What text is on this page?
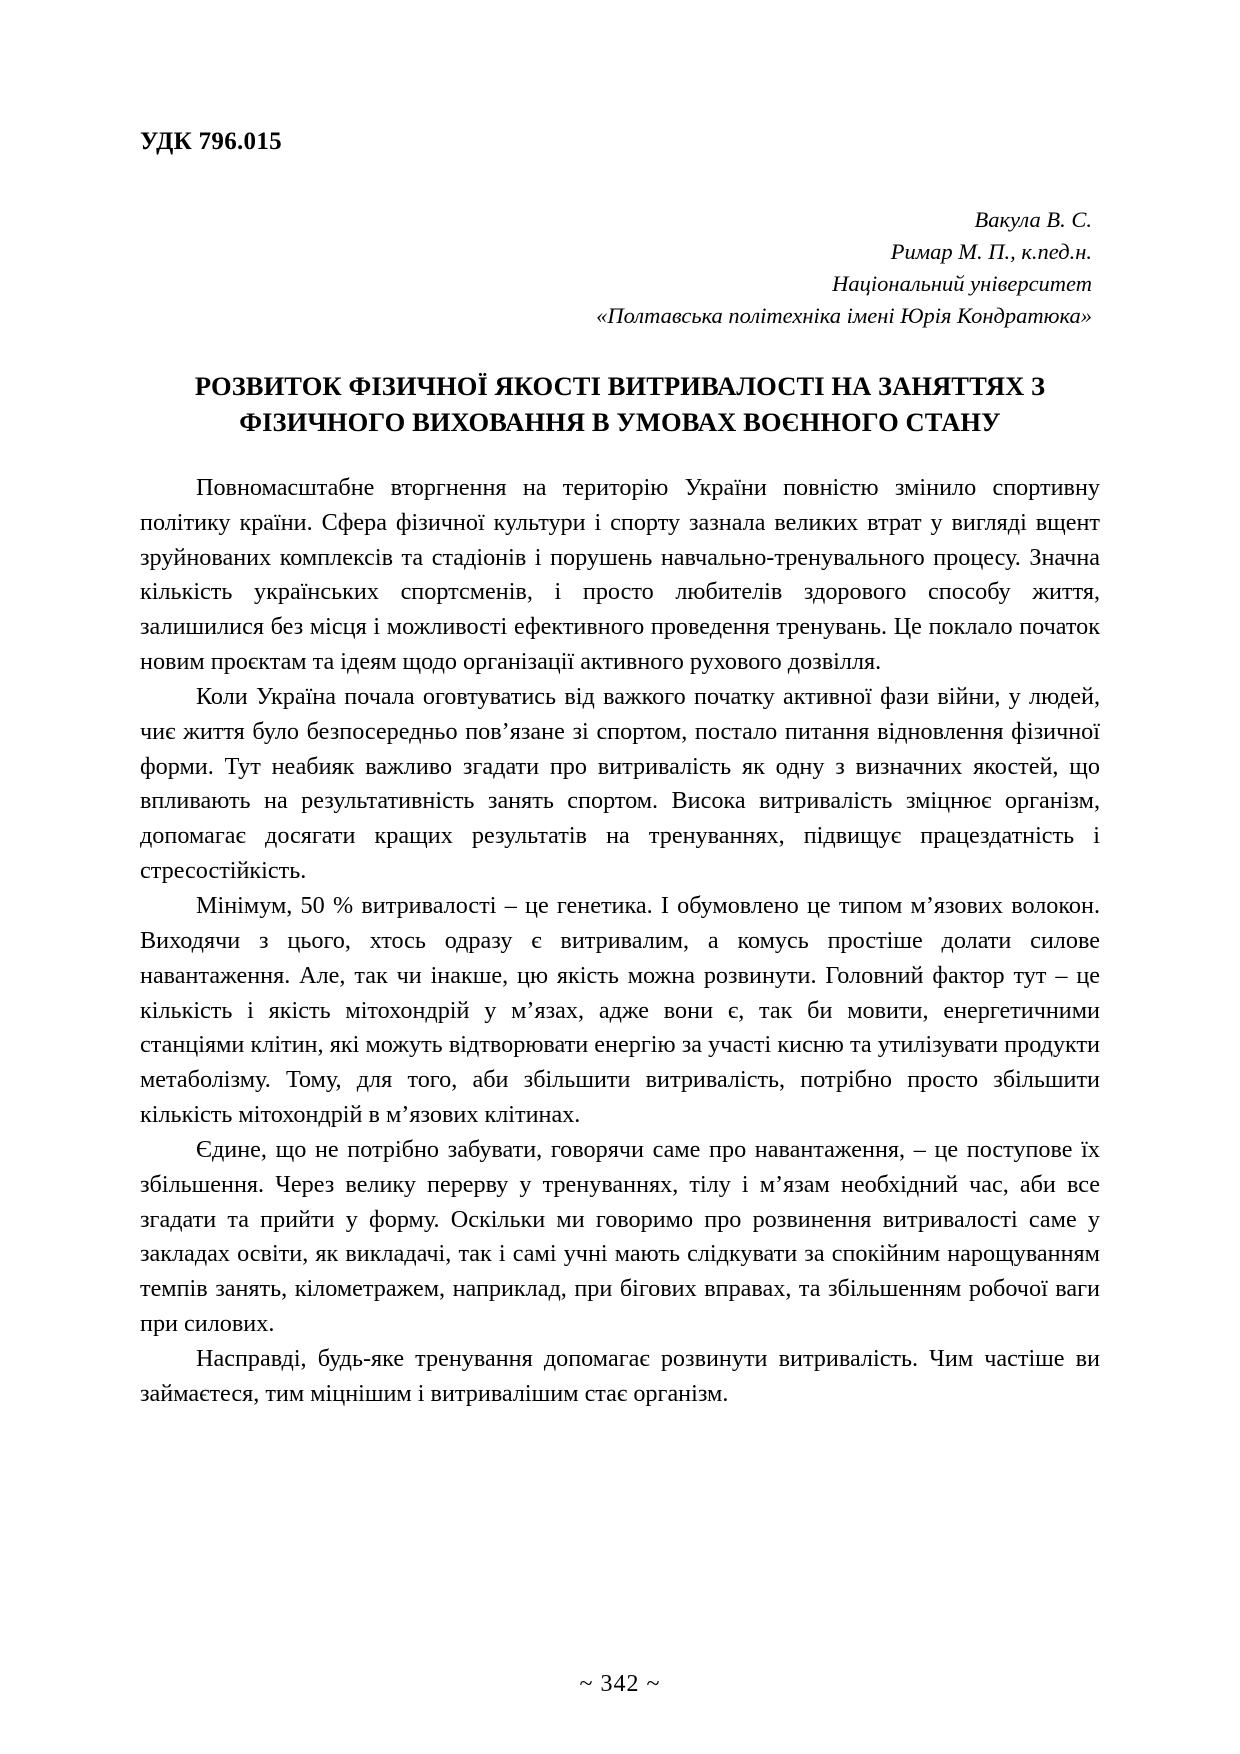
УДК 796.015
Вакула В. С.
Римар М. П., к.пед.н.
Національний університет
«Полтавська політехніка імені Юрія Кондратюка»
РОЗВИТОК ФІЗИЧНОЇ ЯКОСТІ ВИТРИВАЛОСТІ НА ЗАНЯТТЯХ З ФІЗИЧНОГО ВИХОВАННЯ В УМОВАХ ВОЄННОГО СТАНУ

Повномасштабне вторгнення на територію України повністю змінило спортивну політику країни. Сфера фізичної культури і спорту зазнала великих втрат у вигляді вщент зруйнованих комплексів та стадіонів і порушень навчально-тренувального процесу. Значна кількість українських спортсменів, і просто любителів здорового способу життя, залишилися без місця і можливості ефективного проведення тренувань. Це поклало початок новим проєктам та ідеям щодо організації активного рухового дозвілля.

Коли Україна почала оговтуватись від важкого початку активної фази війни, у людей, чиє життя було безпосередньо пов’язане зі спортом, постало питання відновлення фізичної форми. Тут неабияк важливо згадати про витривалість як одну з визначних якостей, що впливають на результативність занять спортом. Висока витривалість зміцнює організм, допомагає досягати кращих результатів на тренуваннях, підвищує працездатність і стресостійкість.

Мінімум, 50 % витривалості – це генетика. І обумовлено це типом м’язових волокон. Виходячи з цього, хтось одразу є витривалим, а комусь простіше долати силове навантаження. Але, так чи інакше, цю якість можна розвинути. Головний фактор тут – це кількість і якість мітохондрій у м’язах, адже вони є, так би мовити, енергетичними станціями клітин, які можуть відтворювати енергію за участі кисню та утилізувати продукти метаболізму. Тому, для того, аби збільшити витривалість, потрібно просто збільшити кількість мітохондрій в м’язових клітинах.

Єдине, що не потрібно забувати, говорячи саме про навантаження, – це поступове їх збільшення. Через велику перерву у тренуваннях, тілу і м’язам необхідний час, аби все згадати та прийти у форму. Оскільки ми говоримо про розвинення витривалості саме у закладах освіти, як викладачі, так і самі учні мають слідкувати за спокійним нарощуванням темпів занять, кілометражем, наприклад, при бігових вправах, та збільшенням робочої ваги при силових.

Насправді, будь-яке тренування допомагає розвинути витривалість. Чим частіше ви займаєтеся, тим міцнішим і витривалішим стає організм.

~ 342 ~
